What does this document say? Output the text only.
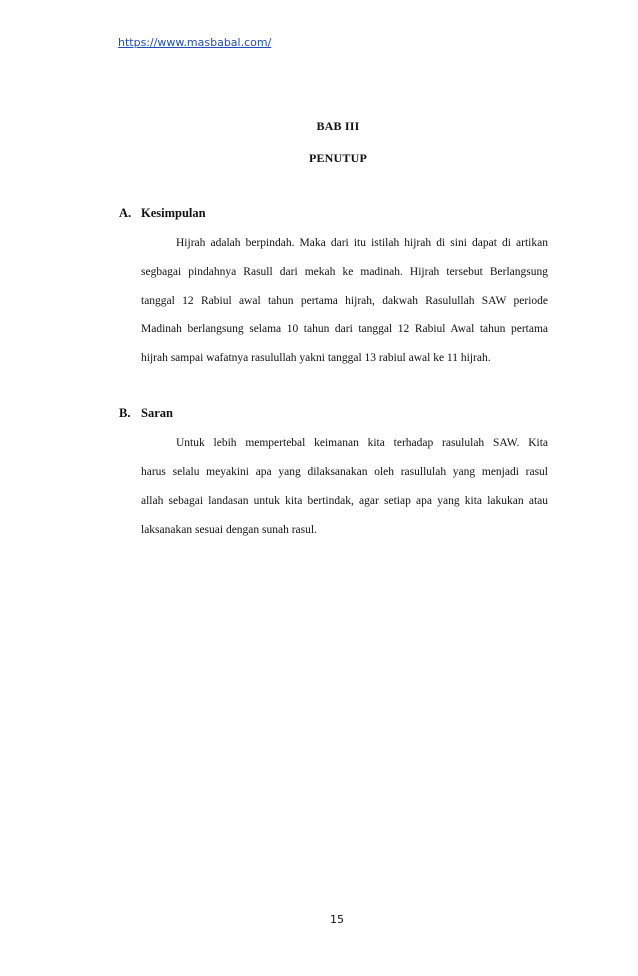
https://www.masbabal.com/
BAB III
PENUTUP
A. Kesimpulan
Hijrah adalah berpindah. Maka dari itu istilah hijrah di sini dapat di artikan
segbagai pindahnya Rasull dari mekah ke madinah. Hijrah tersebut Berlangsung
tanggal 12 Rabiul awal tahun pertama hijrah, dakwah Rasulullah SAW periode
Madinah berlangsung selama 10 tahun dari tanggal 12 Rabiul Awal tahun pertama
hijrah sampai wafatnya rasulullah yakni tanggal 13 rabiul awal ke 11 hijrah.
B. Saran
Untuk lebih mempertebal keimanan kita terhadap rasululah SAW. Kita
harus selalu meyakini apa yang dilaksanakan oleh rasullulah yang menjadi rasul
allah sebagai landasan untuk kita bertindak, agar setiap apa yang kita lakukan atau
laksanakan sesuai dengan sunah rasul.
15
